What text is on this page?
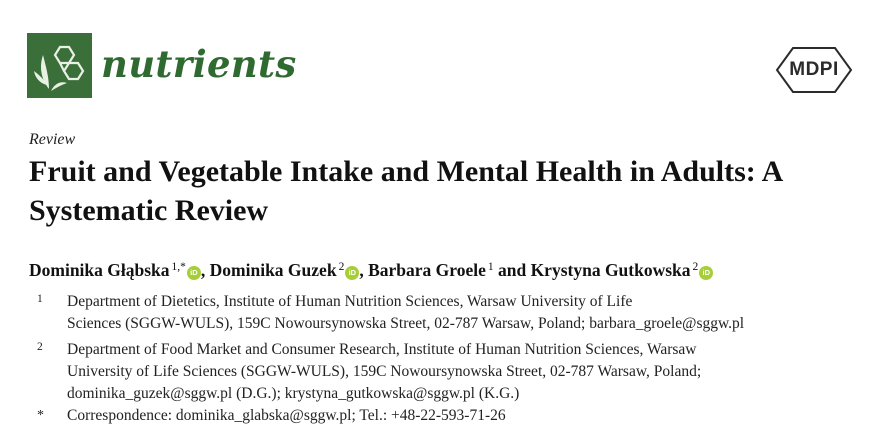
nutrients	MDPI
Review
Fruit and Vegetable Intake and Mental Health in Adults: A Systematic Review
Dominika Głąbska $^{1,*}$ iD , Dominika Guzek $^2$ iD , Barbara Groele $^1$ and Krystyna Gutkowska $^2$ iD
1 Department of Dietetics, Institute of Human Nutrition Sciences, Warsaw University of Life
Sciences (SGGW-WULS), 159C Nowoursynowska Street, 02-787 Warsaw, Poland; barbara_groele@sggw.pl
2 Department of Food Market and Consumer Research, Institute of Human Nutrition Sciences, Warsaw
University of Life Sciences (SGGW-WULS), 159C Nowoursynowska Street, 02-787 Warsaw, Poland;
dominika_guzek@sggw.pl (D.G.); krystyna_gutkowska@sggw.pl (K.G.)
* Correspondence: dominika_glabska@sggw.pl; Tel.: +48-22-593-71-26
